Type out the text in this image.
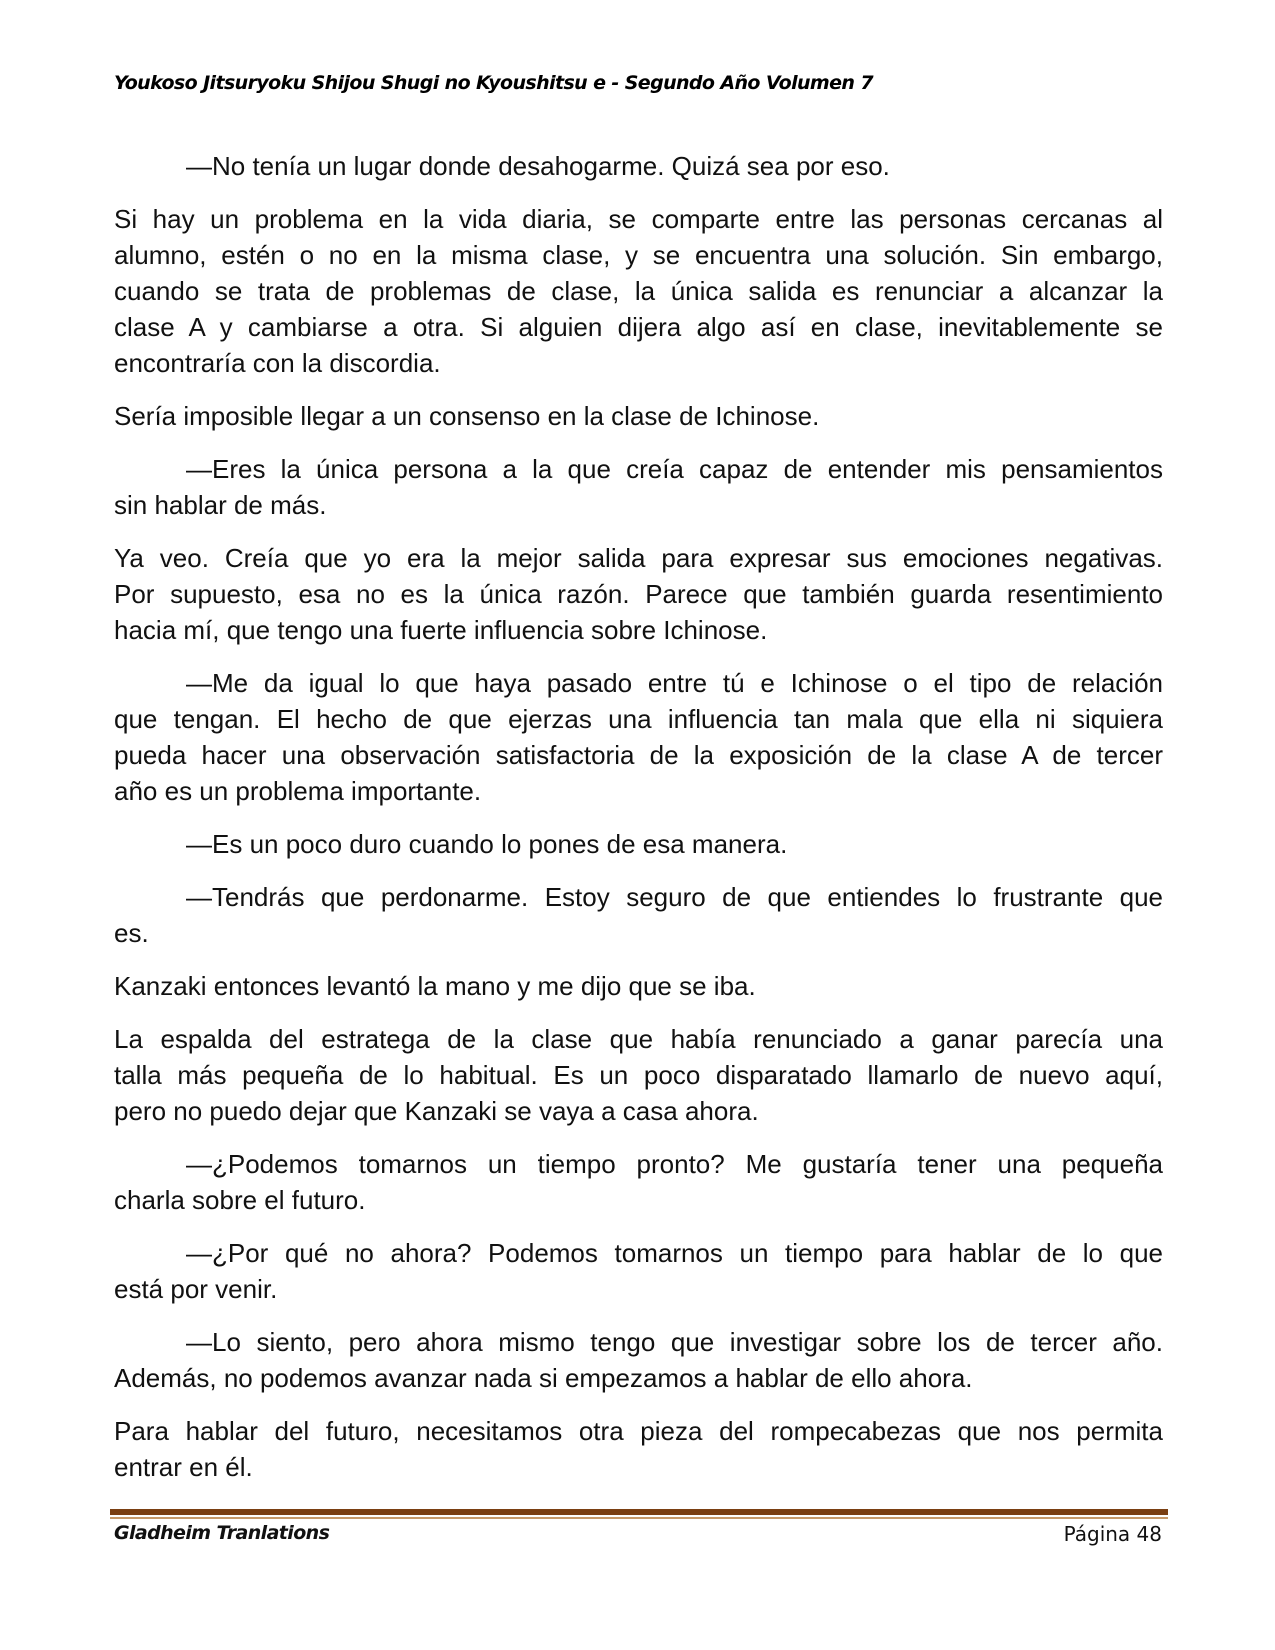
Youkoso Jitsuryoku Shijou Shugi no Kyoushitsu e - Segundo Año Volumen 7

—No tenía un lugar donde desahogarme. Quizá sea por eso.

Si hay un problema en la vida diaria, se comparte entre las personas cercanas al
alumno, estén o no en la misma clase, y se encuentra una solución. Sin embargo,
cuando se trata de problemas de clase, la única salida es renunciar a alcanzar la
clase A y cambiarse a otra. Si alguien dijera algo así en clase, inevitablemente se
encontraría con la discordia.

Sería imposible llegar a un consenso en la clase de Ichinose.

—Eres la única persona a la que creía capaz de entender mis pensamientos
sin hablar de más.

Ya veo. Creía que yo era la mejor salida para expresar sus emociones negativas.
Por supuesto, esa no es la única razón. Parece que también guarda resentimiento
hacia mí, que tengo una fuerte influencia sobre Ichinose.

—Me da igual lo que haya pasado entre tú e Ichinose o el tipo de relación
que tengan. El hecho de que ejerzas una influencia tan mala que ella ni siquiera
pueda hacer una observación satisfactoria de la exposición de la clase A de tercer
año es un problema importante.

—Es un poco duro cuando lo pones de esa manera.

—Tendrás que perdonarme. Estoy seguro de que entiendes lo frustrante que
es.

Kanzaki entonces levantó la mano y me dijo que se iba.

La espalda del estratega de la clase que había renunciado a ganar parecía una
talla más pequeña de lo habitual. Es un poco disparatado llamarlo de nuevo aquí,
pero no puedo dejar que Kanzaki se vaya a casa ahora.

—¿Podemos tomarnos un tiempo pronto? Me gustaría tener una pequeña
charla sobre el futuro.

—¿Por qué no ahora? Podemos tomarnos un tiempo para hablar de lo que
está por venir.

—Lo siento, pero ahora mismo tengo que investigar sobre los de tercer año.
Además, no podemos avanzar nada si empezamos a hablar de ello ahora.

Para hablar del futuro, necesitamos otra pieza del rompecabezas que nos permita
entrar en él.

Gladheim Tranlations	Página 48
